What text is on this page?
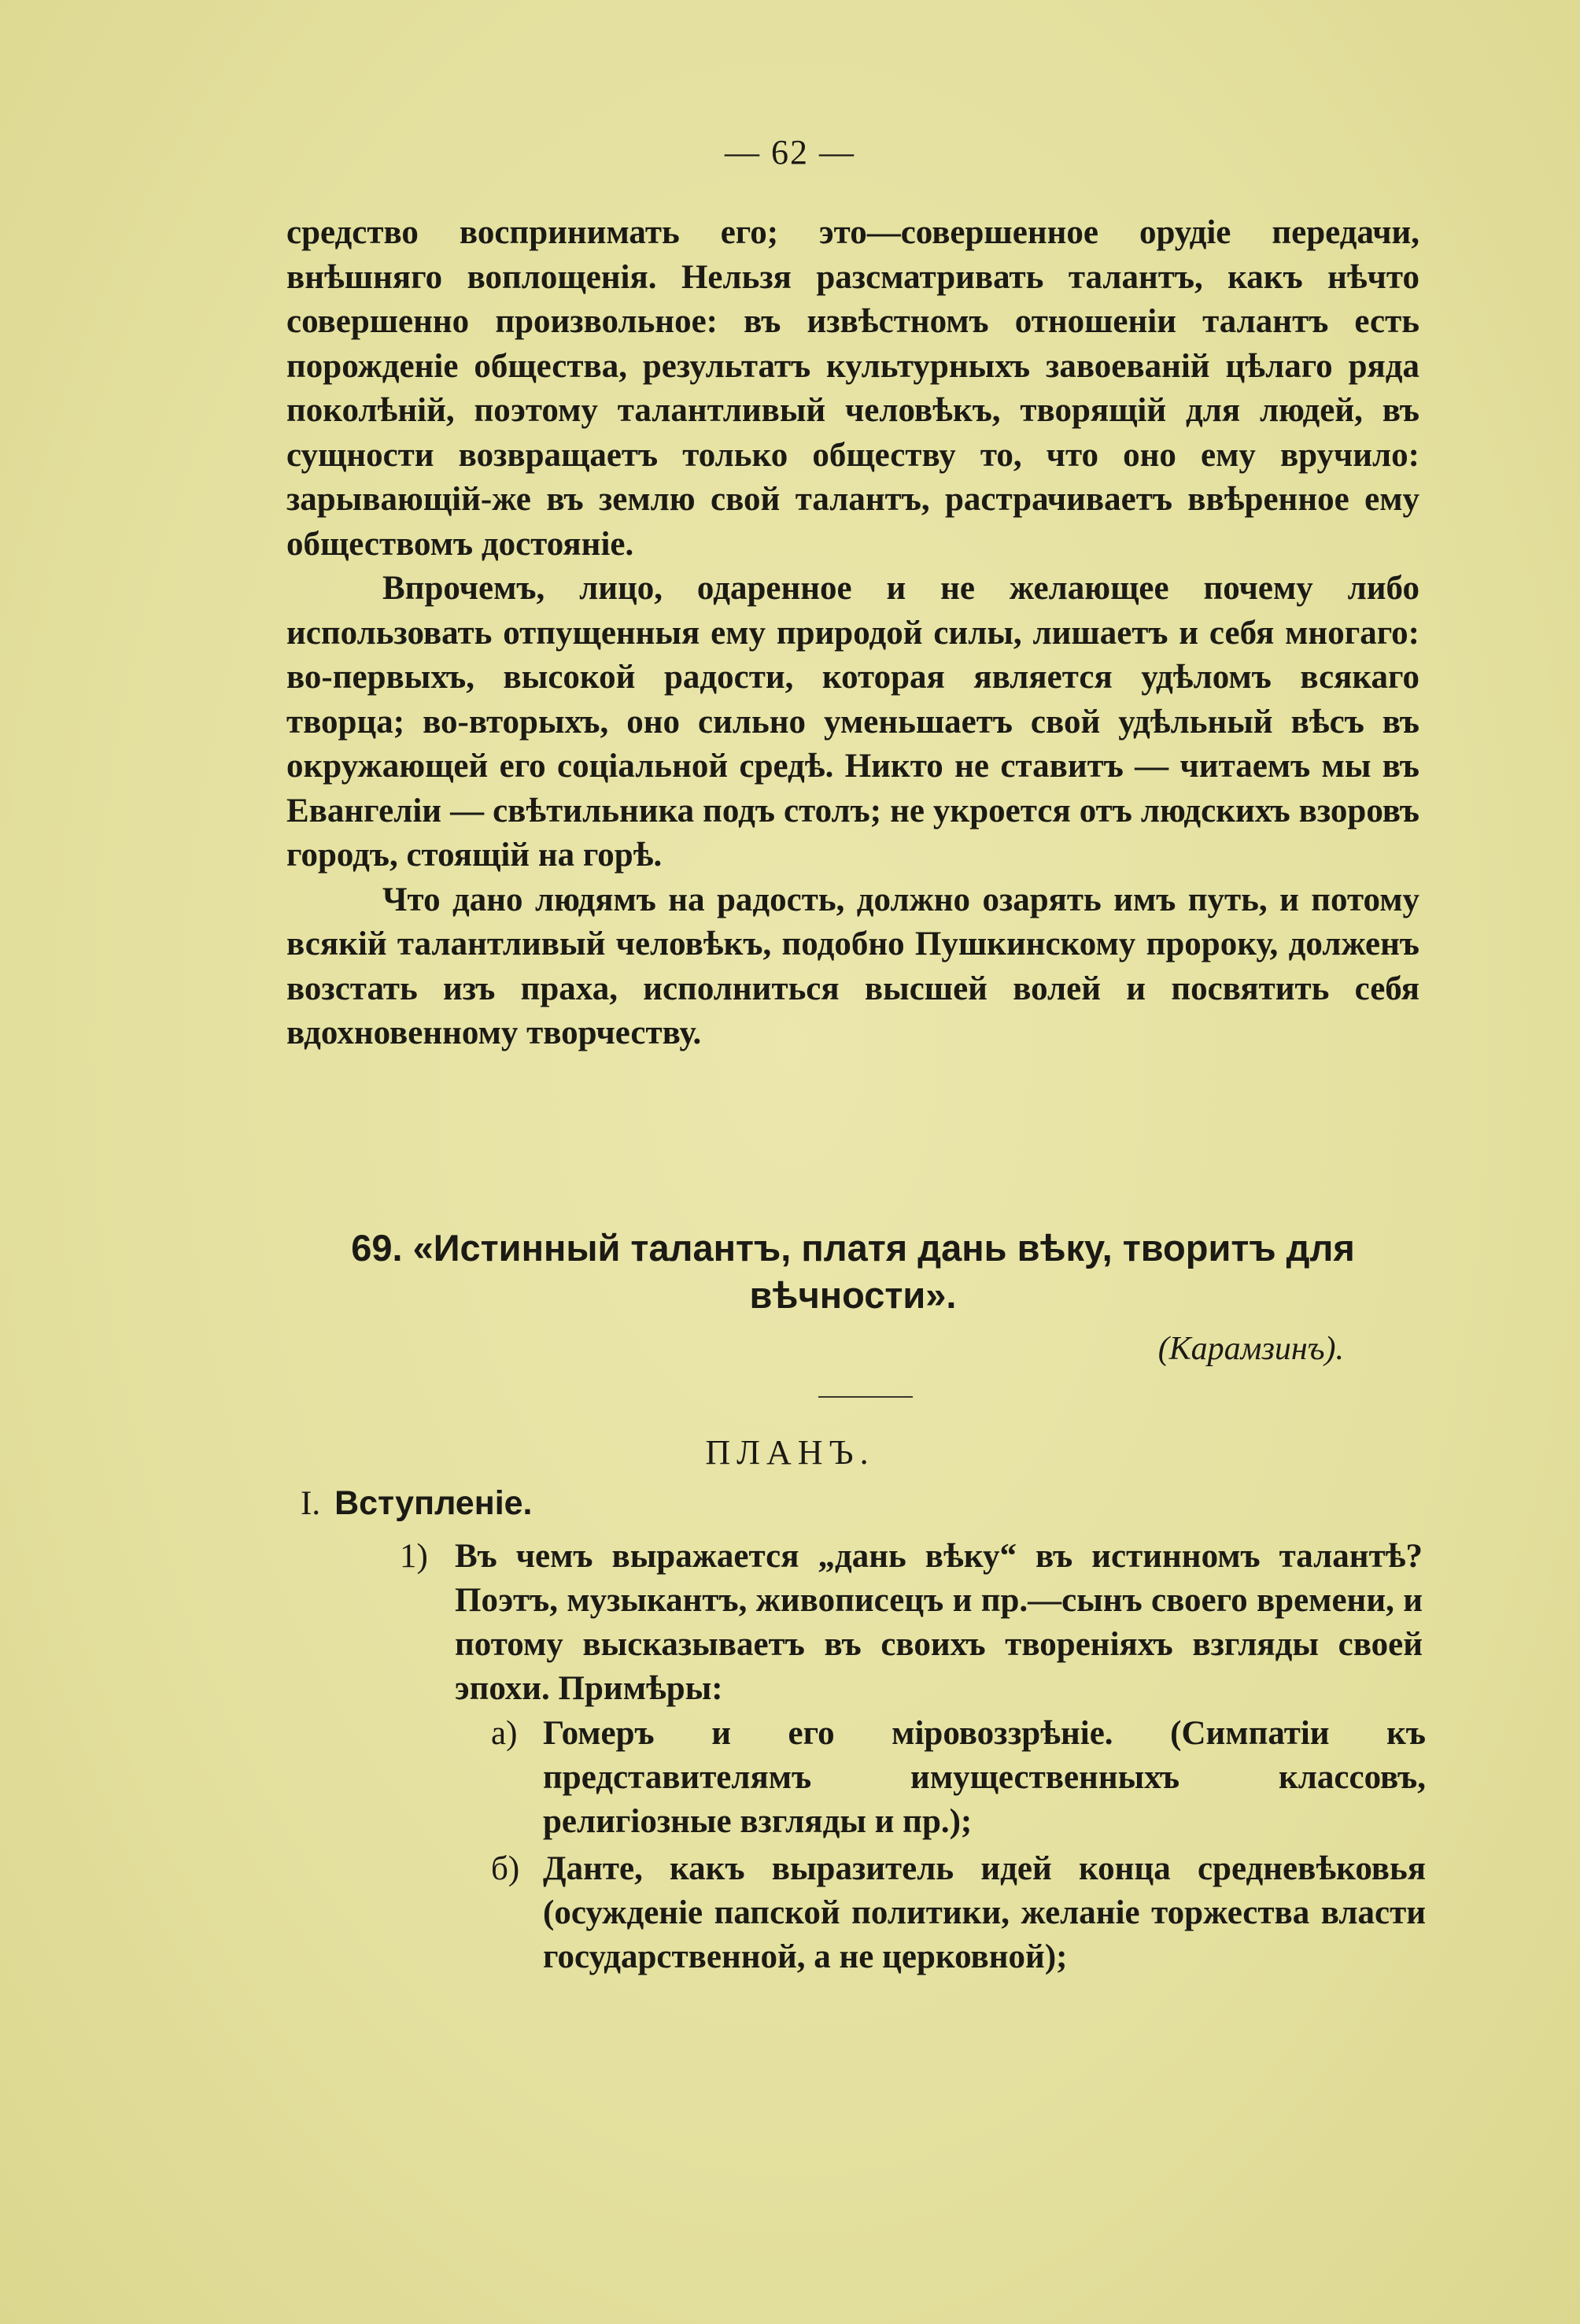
— 62 —

средство воспринимать его; это—совершенное орудіе передачи, внѣшняго воплощенія. Нельзя разсматривать талантъ, какъ нѣчто совершенно произвольное: въ извѣстномъ отношеніи талантъ есть порожденіе общества, результатъ культурныхъ завоеваній цѣлаго ряда поколѣній, поэтому талантливый человѣкъ, творящій для людей, въ сущности возвращаетъ только обществу то, что оно ему вручило: зарывающій-же въ землю свой талантъ, растрачиваетъ ввѣренное ему обществомъ достояніе.

Впрочемъ, лицо, одаренное и не желающее почему либо использовать отпущенныя ему природой силы, лишаетъ и себя многаго: во-первыхъ, высокой радости, которая является удѣломъ всякаго творца; во-вторыхъ, оно сильно уменьшаетъ свой удѣльный вѣсъ въ окружающей его соціальной средѣ. Никто не ставитъ — читаемъ мы въ Евангеліи — свѣтильника подъ столъ; не укроется отъ людскихъ взоровъ городъ, стоящій на горѣ.

Что дано людямъ на радость, должно озарять имъ путь, и потому всякій талантливый человѣкъ, подобно Пушкинскому пророку, долженъ возстать изъ праха, исполниться высшей волей и посвятить себя вдохновенному творчеству.

69. «Истинный талантъ, платя дань вѣку, творитъ для вѣчности».
(Карамзинъ).
ПЛАНЪ.
I. Вступленіе.
1) Въ чемъ выражается „дань вѣку“ въ истинномъ талантѣ? Поэтъ, музыкантъ, живописецъ и пр.—сынъ своего времени, и потому высказываетъ въ своихъ твореніяхъ взгляды своей эпохи. Примѣры:
а) Гомеръ и его міровоззрѣніе. (Симпатіи къ представителямъ имущественныхъ классовъ, религіозные взгляды и пр.);
б) Данте, какъ выразитель идей конца средневѣковья (осужденіе папской политики, желаніе торжества власти государственной, а не церковной);
